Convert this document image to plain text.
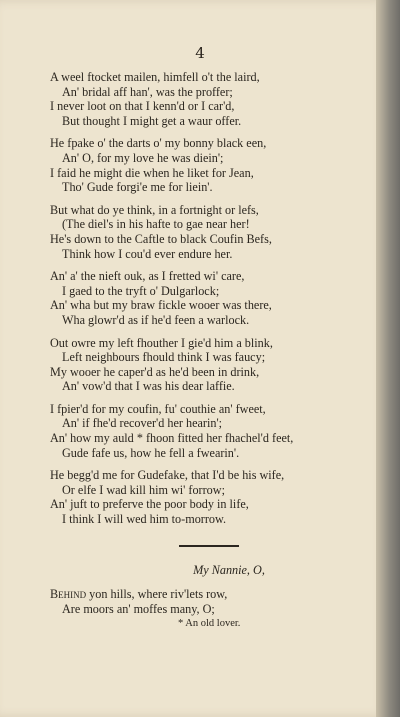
4
A weel ftocket mailen, himfell o't the laird,
An' bridal aff han', was the proffer;
I never loot on that I kenn'd or I car'd,
But thought I might get a waur offer.
He fpake o' the darts o' my bonny black een,
An' O, for my love he was diein';
I faid he might die when he liket for Jean,
Tho' Gude forgi'e me for liein'.
But what do ye think, in a fortnight or lefs,
(The diel's in his hafte to gae near her!
He's down to the Caftle to black Coufin Befs,
Think how I cou'd ever endure her.
An' a' the nieft ouk, as I fretted wi' care,
I gaed to the tryft o' Dulgarlock;
An' wha but my braw fickle wooer was there,
Wha glowr'd as if he'd feen a warlock.
Out owre my left fhouther I gie'd him a blink,
Left neighbours fhould think I was faucy;
My wooer he caper'd as he'd been in drink,
An' vow'd that I was his dear laffie.
I fpier'd for my coufin, fu' couthie an' fweet,
An' if fhe'd recover'd her hearin';
An' how my auld * fhoon fitted her fhachel'd feet,
Gude fafe us, how he fell a fwearin'.
He begg'd me for Gudefake, that I'd be his wife,
Or elfe I wad kill him wi' forrow;
An' juft to preferve the poor body in life,
I think I will wed him to-morrow.
My Nannie, O,
Behind yon hills, where riv'lets row,
Are moors an' moffes many, O;
* An old lover.
